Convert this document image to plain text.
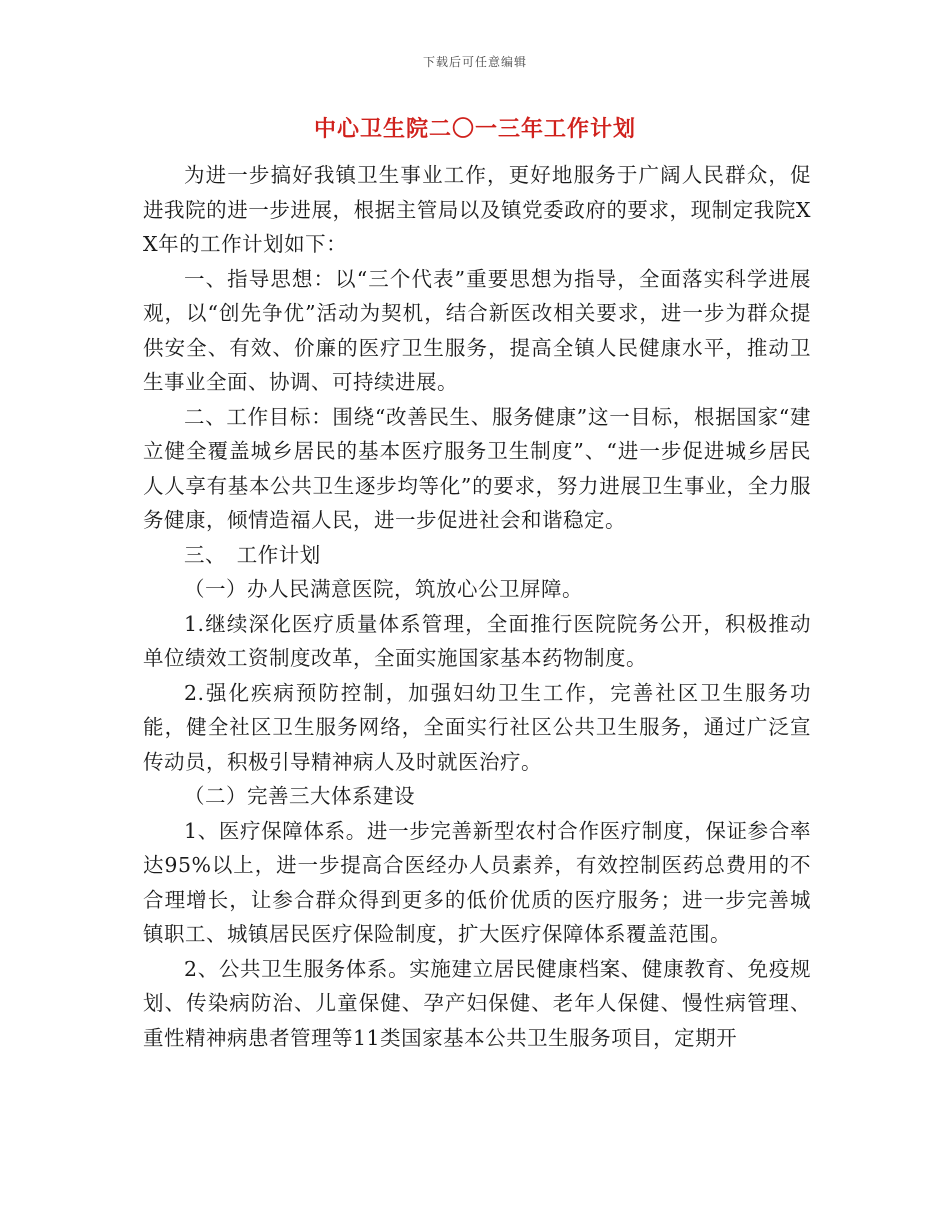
下载后可任意编辑
中心卫生院二〇一三年工作计划

为进一步搞好我镇卫生事业工作，更好地服务于广阔人民群众，促进我院的进一步进展，根据主管局以及镇党委政府的要求，现制定我院XX年的工作计划如下：

一、指导思想：以“三个代表”重要思想为指导，全面落实科学进展观，以“创先争优”活动为契机，结合新医改相关要求，进一步为群众提供安全、有效、价廉的医疗卫生服务，提高全镇人民健康水平，推动卫生事业全面、协调、可持续进展。

二、工作目标：围绕“改善民生、服务健康”这一目标，根据国家“建立健全覆盖城乡居民的基本医疗服务卫生制度”、“进一步促进城乡居民人人享有基本公共卫生逐步均等化”的要求，努力进展卫生事业，全力服务健康，倾情造福人民，进一步促进社会和谐稳定。

三、　工作计划

（一）办人民满意医院，筑放心公卫屏障。

1.继续深化医疗质量体系管理，全面推行医院院务公开，积极推动单位绩效工资制度改革，全面实施国家基本药物制度。

2.强化疾病预防控制，加强妇幼卫生工作，完善社区卫生服务功能，健全社区卫生服务网络，全面实行社区公共卫生服务，通过广泛宣传动员，积极引导精神病人及时就医治疗。

（二）完善三大体系建设

1、医疗保障体系。进一步完善新型农村合作医疗制度，保证参合率达95%以上，进一步提高合医经办人员素养，有效控制医药总费用的不合理增长，让参合群众得到更多的低价优质的医疗服务；进一步完善城镇职工、城镇居民医疗保险制度，扩大医疗保障体系覆盖范围。

2、公共卫生服务体系。实施建立居民健康档案、健康教育、免疫规划、传染病防治、儿童保健、孕产妇保健、老年人保健、慢性病管理、重性精神病患者管理等11类国家基本公共卫生服务项目，定期开
